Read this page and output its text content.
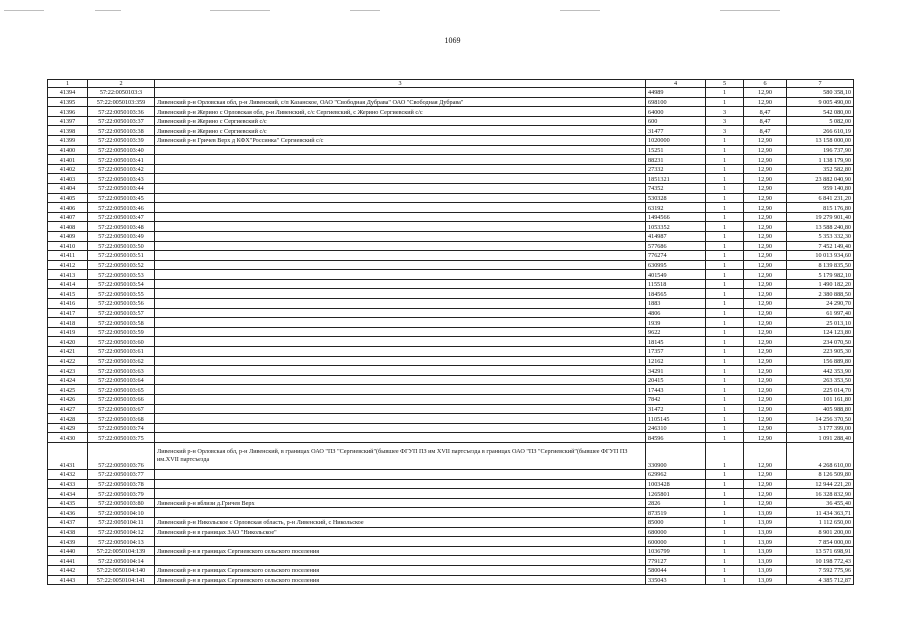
1069
1	2	3	4	5	6	7
41394	57:22:0050103:3		44989	1	12,90	580 358,10
41395	57:22:0050103:359	Ливенский р-н Орловская обл, р-н Ливенский, с/п Казанское, ОАО "Свободная Дубрава" ОАО "Свободная Дубрава"	698100	1	12,90	9 005 490,00
41396	57:22:0050103:36	Ливенский р-н Жерино с Орловская обл, р-н Ливенский, с/с Сергиевский, с Жерино Сергиевский с/с	64000	3	8,47	542 080,00
41397	57:22:0050103:37	Ливенский р-н Жерино с Сергиевский с/с	600	3	8,47	5 082,00
41398	57:22:0050103:38	Ливенский р-н Жерино с Сергиевский с/с	31477	3	8,47	266 610,19
41399	57:22:0050103:39	Ливенский р-н Гричев Верх д КФХ"Россинка" Сергиевский с/с	1020000	1	12,90	13 158 000,00
41400	57:22:0050103:40		15251	1	12,90	196 737,90
41401	57:22:0050103:41		88231	1	12,90	1 138 179,90
41402	57:22:0050103:42		27332	1	12,90	352 582,80
41403	57:22:0050103:43		1851321	1	12,90	23 882 040,90
41404	57:22:0050103:44		74352	1	12,90	959 140,80
41405	57:22:0050103:45		530328	1	12,90	6 841 231,20
41406	57:22:0050103:46		63192	1	12,90	815 176,80
41407	57:22:0050103:47		1494566	1	12,90	19 279 901,40
41408	57:22:0050103:48		1053352	1	12,90	13 588 240,80
41409	57:22:0050103:49		414987	1	12,90	5 353 332,30
41410	57:22:0050103:50		577686	1	12,90	7 452 149,40
41411	57:22:0050103:51		776274	1	12,90	10 013 934,60
41412	57:22:0050103:52		630995	1	12,90	8 139 835,50
41413	57:22:0050103:53		401549	1	12,90	5 179 982,10
41414	57:22:0050103:54		115518	1	12,90	1 490 182,20
41415	57:22:0050103:55		184565	1	12,90	2 380 888,50
41416	57:22:0050103:56		1883	1	12,90	24 290,70
41417	57:22:0050103:57		4806	1	12,90	61 997,40
41418	57:22:0050103:58		1939	1	12,90	25 013,10
41419	57:22:0050103:59		9622	1	12,90	124 123,80
41420	57:22:0050103:60		18145	1	12,90	234 070,50
41421	57:22:0050103:61		17357	1	12,90	223 905,30
41422	57:22:0050103:62		12162	1	12,90	156 889,80
41423	57:22:0050103:63		34291	1	12,90	442 353,90
41424	57:22:0050103:64		20415	1	12,90	263 353,50
41425	57:22:0050103:65		17443	1	12,90	225 014,70
41426	57:22:0050103:66		7842	1	12,90	101 161,80
41427	57:22:0050103:67		31472	1	12,90	405 988,80
41428	57:22:0050103:68		1105145	1	12,90	14 256 370,50
41429	57:22:0050103:74		246310	1	12,90	3 177 399,00
41430	57:22:0050103:75		84596	1	12,90	1 091 288,40
41431	57:22:0050103:76	Ливенский р-н Орловская обл, р-н Ливенский, в границах ОАО "ПЗ "Сергиевский"(бывшее ФГУП ПЗ им XVII партсъезда в границах ОАО "ПЗ "Сергиевский"(бывшее ФГУП ПЗ им.XVII партсъезда	330900	1	12,90	4 268 610,00
41432	57:22:0050103:77		629962	1	12,90	8 126 509,80
41433	57:22:0050103:78		1003428	1	12,90	12 944 221,20
41434	57:22:0050103:79		1265801	1	12,90	16 328 832,90
41435	57:22:0050103:80	Ливенский р-н вблизи д.Гричев Верх	2826	1	12,90	36 455,40
41436	57:22:0050104:10		873519	1	13,09	11 434 363,71
41437	57:22:0050104:11	Ливенский р-н Никольское с Орловская область, р-н Ливенский, с Никольское	85000	1	13,09	1 112 650,00
41438	57:22:0050104:12	Ливенский р-н в границах ЗАО "Никольское"	680000	1	13,09	8 901 200,00
41439	57:22:0050104:13		600000	1	13,09	7 854 000,00
41440	57:22:0050104:139	Ливенский р-н в границах Сергиевского сельского поселения	1036799	1	13,09	13 571 698,91
41441	57:22:0050104:14		779127	1	13,09	10 198 772,43
41442	57:22:0050104:140	Ливенский р-н в границах Сергиевского сельского поселения	580044	1	13,09	7 592 775,96
41443	57:22:0050104:141	Ливенский р-н в границах Сергиевского сельского поселения	335043	1	13,09	4 385 712,87
